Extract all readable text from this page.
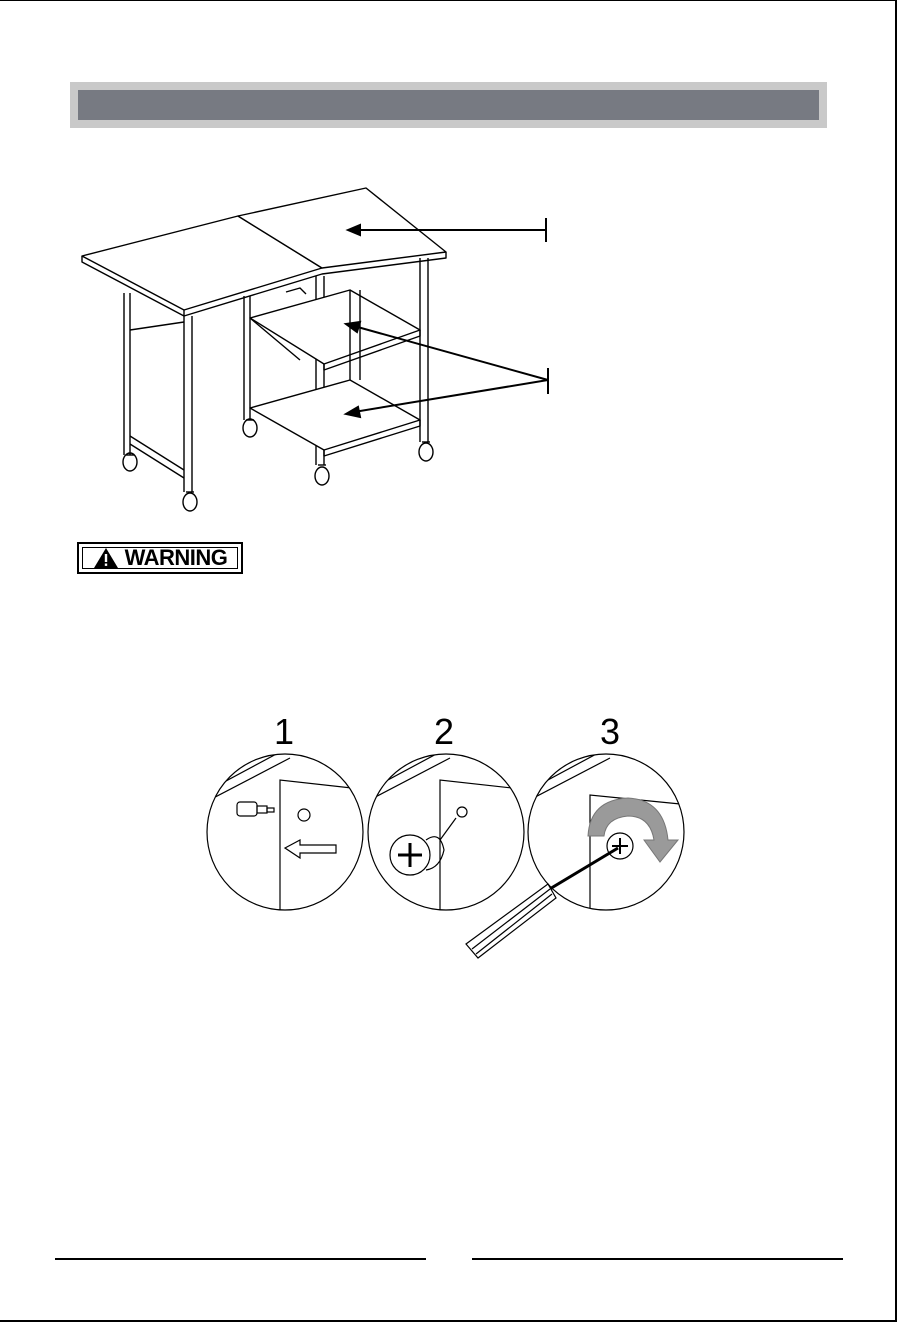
WARNING
1	2	3
